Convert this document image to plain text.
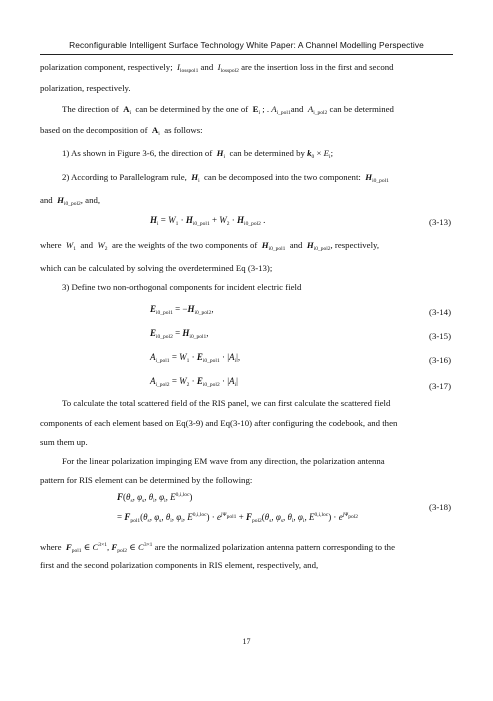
Reconfigurable Intelligent Surface Technology White Paper: A Channel Modelling Perspective
polarization component, respectively;  $I_{losspol1}$ and  $I_{losspol2}$ are the insertion loss in the first and second
polarization, respectively.
The direction of  $A_i$  can be determined by the one of  $E_i$ ; . $A_{i\_pol1}and$  $A_{i\_pol2}$ can be determined
based on the decomposition of  $A_i$  as follows:
1) As shown in Figure 3-6, the direction of  $H_i$  can be determined by $k_0 \times E_i$;
2) According to Parallelogram rule,  $H_i$  can be decomposed into the two component:  $H_{i0\_pol1}$
and  $H_{i0\_pol2}$, and,
$H_i = W_1 \cdot H_{i0\_pol1} + W_2 \cdot H_{i0\_pol2}$ .	(3-13)
where  $W_1$  and  $W_2$  are the weights of the two components of  $H_{i0\_pol1}$  and  $H_{i0\_pol2}$, respectively,
which can be calculated by solving the overdetermined Eq (3-13);
3) Define two non-orthogonal components for incident electric field
$E_{i0\_pol1} = -H_{i0\_pol2}$,	(3-14)
$E_{i0\_pol2} = H_{i0\_pol1}$,	(3-15)
$A_{i\_pol1} = W_1 \cdot E_{i0\_pol1} \cdot |A_i|$,	(3-16)
$A_{i\_pol2} = W_2 \cdot E_{i0\_pol2} \cdot |A_i|$	(3-17)
To calculate the total scattered field of the RIS panel, we can first calculate the scattered field
components of each element based on Eq(3-9) and Eq(3-10) after configuring the codebook, and then
sum them up.
For the linear polarization impinging EM wave from any direction, the polarization antenna
pattern for RIS element can be determined by the following:
$F(\theta_s$, $\varphi_s$, $\theta_i$, $\varphi_i$, $E^{0,i,loc}$)
= $F_{pol1}(\theta_s$, $\varphi_s$, $\theta_i$, $\varphi_i$, $E^{0,i,loc}) \cdot e^{j\Psi_{pol1}} + F_{pol2}(\theta_s$, $\varphi_s$, $\theta_i$, $\varphi_i$, $E^{0,i,loc}) \cdot e^{j\Psi_{pol2}}$
(3-18)
where  $F_{pol1}$ ∈ $C^{3\times 1}$, $F_{pol2}$ ∈ $C^{3\times 1}$ are the normalized polarization antenna pattern corresponding to the
first and the second polarization components in RIS element, respectively, and,
17
